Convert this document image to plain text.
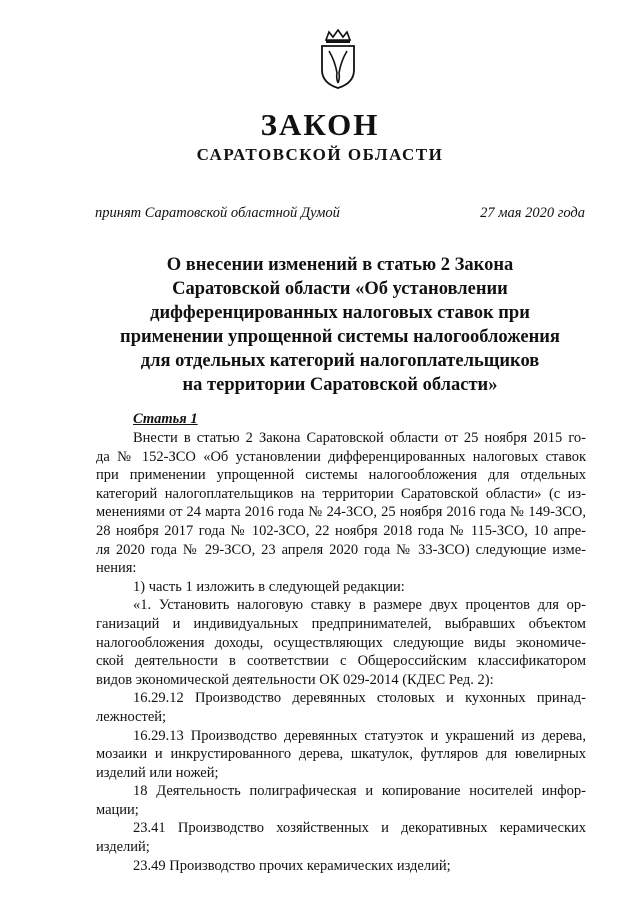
ЗАКОН
САРАТОВСКОЙ ОБЛАСТИ
принят Саратовской областной Думой	27 мая 2020 года
О внесении изменений в статью 2 Закона
Саратовской области «Об установлении
дифференцированных налоговых ставок при
применении упрощенной системы налогообложения
для отдельных категорий налогоплательщиков
на территории Саратовской области»
Статья 1
Внести в статью 2 Закона Саратовской области от 25 ноября 2015 го-
да № 152-ЗСО «Об установлении дифференцированных налоговых ставок
при применении упрощенной системы налогообложения для отдельных
категорий налогоплательщиков на территории Саратовской области» (с из-
менениями от 24 марта 2016 года № 24-ЗСО, 25 ноября 2016 года № 149-ЗСО,
28 ноября 2017 года № 102-ЗСО, 22 ноября 2018 года № 115-ЗСО, 10 апре-
ля 2020 года № 29-ЗСО, 23 апреля 2020 года № 33-ЗСО) следующие изме-
нения:
1) часть 1 изложить в следующей редакции:
«1. Установить налоговую ставку в размере двух процентов для ор-
ганизаций и индивидуальных предпринимателей, выбравших объектом
налогообложения доходы, осуществляющих следующие виды экономиче-
ской деятельности в соответствии с Общероссийским классификатором
видов экономической деятельности ОК 029-2014 (КДЕС Ред. 2):
16.29.12 Производство деревянных столовых и кухонных принад-
лежностей;
16.29.13 Производство деревянных статуэток и украшений из дерева,
мозаики и инкрустированного дерева, шкатулок, футляров для ювелирных
изделий или ножей;
18 Деятельность полиграфическая и копирование носителей инфор-
мации;
23.41 Производство хозяйственных и декоративных керамических
изделий;
23.49 Производство прочих керамических изделий;
